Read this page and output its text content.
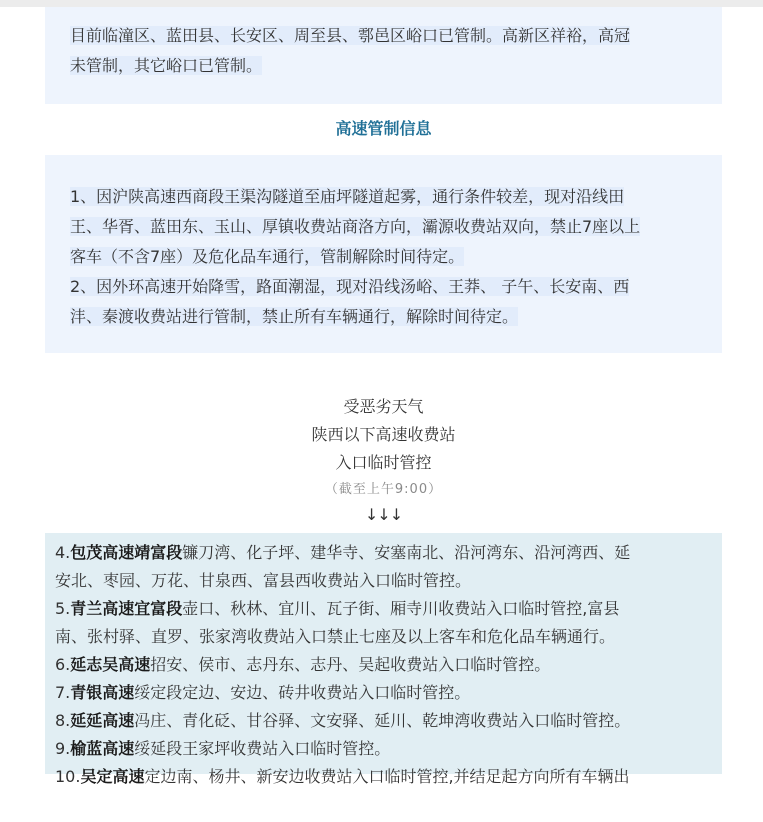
目前临潼区、蓝田县、长安区、周至县、鄠邑区峪口已管制。高新区祥裕，高冠
未管制，其它峪口已管制。

高速管制信息

1、因沪陕高速西商段王渠沟隧道至庙坪隧道起雾，通行条件较差，现对沿线田
王、华胥、蓝田东、玉山、厚镇收费站商洛方向，灞源收费站双向，禁止7座以上
客车（不含7座）及危化品车通行，管制解除时间待定。
2、因外环高速开始降雪，路面潮湿，现对沿线汤峪、王莽、 子午、长安南、西
沣、秦渡收费站进行管制，禁止所有车辆通行，解除时间待定。

受恶劣天气

陕西以下高速收费站

入口临时管控

（截至上午9:00）

↓↓↓

4.包茂高速靖富段镰刀湾、化子坪、建华寺、安塞南北、沿河湾东、沿河湾西、延

安北、枣园、万花、甘泉西、富县西收费站入口临时管控。

5.青兰高速宜富段壶口、秋林、宜川、瓦子街、厢寺川收费站入口临时管控,富县

南、张村驿、直罗、张家湾收费站入口禁止七座及以上客车和危化品车辆通行。

6.延志吴高速招安、侯市、志丹东、志丹、吴起收费站入口临时管控。

7.青银高速绥定段定边、安边、砖井收费站入口临时管控。

8.延延高速冯庄、青化砭、甘谷驿、文安驿、延川、乾坤湾收费站入口临时管控。

9.榆蓝高速绥延段王家坪收费站入口临时管控。

10.吴定高速定边南、杨井、新安边收费站入口临时管控,并结足起方向所有车辆出
